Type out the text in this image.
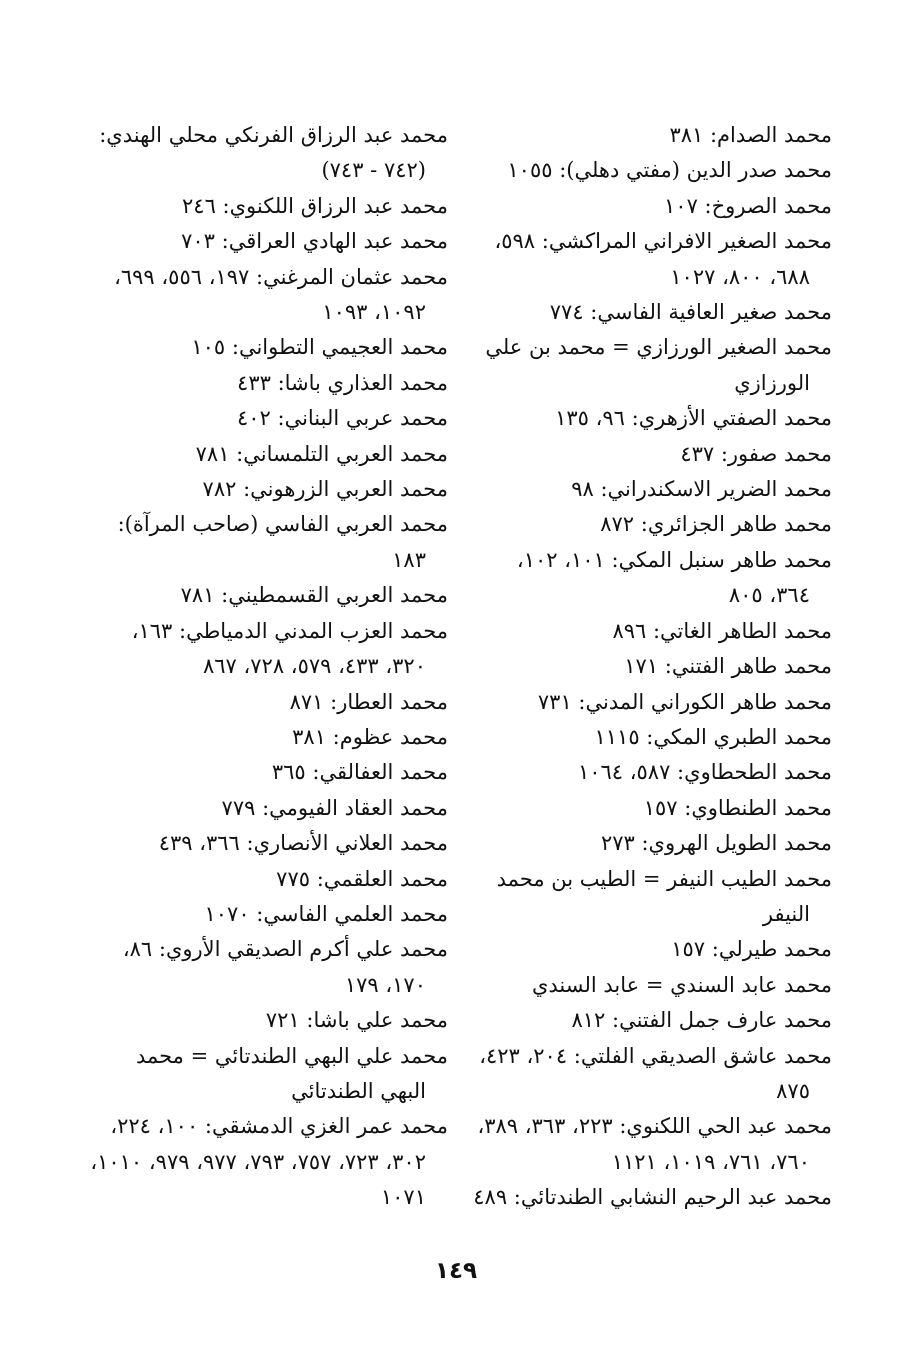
محمد الصدام: ٣٨١

محمد صدر الدين (مفتي دهلي): ١٠٥٥

محمد الصروخ: ١٠٧

محمد الصغير الافراني المراكشي: ٥٩٨، ٦٨٨، ٨٠٠، ١٠٢٧

محمد صغير العافية الفاسي: ٧٧٤

محمد الصغير الورزازي = محمد بن علي الورزازي

محمد الصفتي الأزهري: ٩٦، ١٣٥

محمد صفور: ٤٣٧

محمد الضرير الاسكندراني: ٩٨

محمد طاهر الجزائري: ٨٧٢

محمد طاهر سنبل المكي: ١٠١، ١٠٢، ٣٦٤، ٨٠٥

محمد الطاهر الغاتي: ٨٩٦

محمد طاهر الفتني: ١٧١

محمد طاهر الكوراني المدني: ٧٣١

محمد الطبري المكي: ١١١٥

محمد الطحطاوي: ٥٨٧، ١٠٦٤

محمد الطنطاوي: ١٥٧

محمد الطويل الهروي: ٢٧٣

محمد الطيب النيفر = الطيب بن محمد النيفر

محمد طيرلي: ١٥٧

محمد عابد السندي = عابد السندي

محمد عارف جمل الفتني: ٨١٢

محمد عاشق الصديقي الفلتي: ٢٠٤، ٤٢٣، ٨٧٥

محمد عبد الحي اللكنوي: ٢٢٣، ٣٦٣، ٣٨٩، ٧٦٠، ٧٦١، ١٠١٩، ١١٢١

محمد عبد الرحيم النشابي الطندتائي: ٤٨٩

محمد عبد الرزاق الفرنكي محلي الهندي: (٧٤٢ - ٧٤٣)

محمد عبد الرزاق اللكنوي: ٢٤٦

محمد عبد الهادي العراقي: ٧٠٣

محمد عثمان المرغني: ١٩٧، ٥٥٦، ٦٩٩، ١٠٩٢، ١٠٩٣

محمد العجيمي التطواني: ١٠٥

محمد العذاري باشا: ٤٣٣

محمد عربي البناني: ٤٠٢

محمد العربي التلمساني: ٧٨١

محمد العربي الزرهوني: ٧٨٢

محمد العربي الفاسي (صاحب المرآة): ١٨٣

محمد العربي القسمطيني: ٧٨١

محمد العزب المدني الدمياطي: ١٦٣، ٣٢٠، ٤٣٣، ٥٧٩، ٧٢٨، ٨٦٧

محمد العطار: ٨٧١

محمد عظوم: ٣٨١

محمد العفالقي: ٣٦٥

محمد العقاد الفيومي: ٧٧٩

محمد العلاني الأنصاري: ٣٦٦، ٤٣٩

محمد العلقمي: ٧٧٥

محمد العلمي الفاسي: ١٠٧٠

محمد علي أكرم الصديقي الأروي: ٨٦، ١٧٠، ١٧٩

محمد علي باشا: ٧٢١

محمد علي البهي الطندتائي = محمد البهي الطندتائي

محمد عمر الغزي الدمشقي: ١٠٠، ٢٢٤، ٣٠٢، ٧٢٣، ٧٥٧، ٧٩٣، ٩٧٧، ٩٧٩، ١٠١٠، ١٠٧١

١٤٩
